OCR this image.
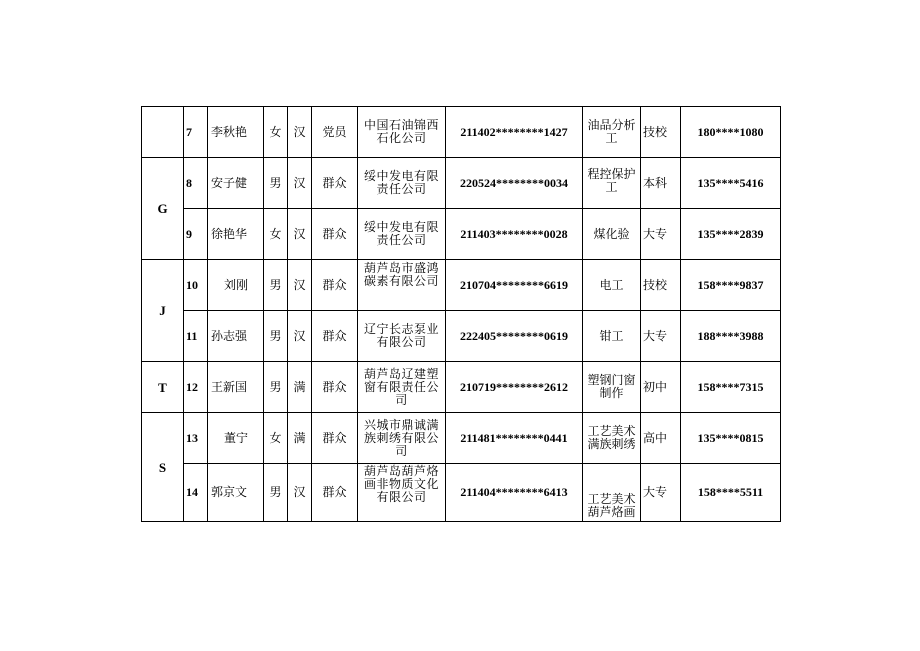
	7	李秋艳	女	汉	党员	中国石油锦西石化公司	211402********1427	油品分析工	技校	180****1080
G	8	安子健	男	汉	群众	绥中发电有限责任公司	220524********0034	程控保护工	本科	135****5416
	9	徐艳华	女	汉	群众	绥中发电有限责任公司	211403********0028	煤化验	大专	135****2839
J	10	刘刚	男	汉	群众	葫芦岛市盛鸿碳素有限公司	210704********6619	电工	技校	158****9837
	11	孙志强	男	汉	群众	辽宁长志泵业有限公司	222405********0619	钳工	大专	188****3988
T	12	王新国	男	满	群众	葫芦岛辽建塑窗有限责任公司	210719********2612	塑钢门窗制作	初中	158****7315
S	13	董宁	女	满	群众	兴城市鼎诚满族刺绣有限公司	211481********0441	工艺美术满族刺绣	高中	135****0815
	14	郭京文	男	汉	群众	葫芦岛葫芦烙画非物质文化有限公司	211404********6413	工艺美术葫芦烙画	大专	158****5511
